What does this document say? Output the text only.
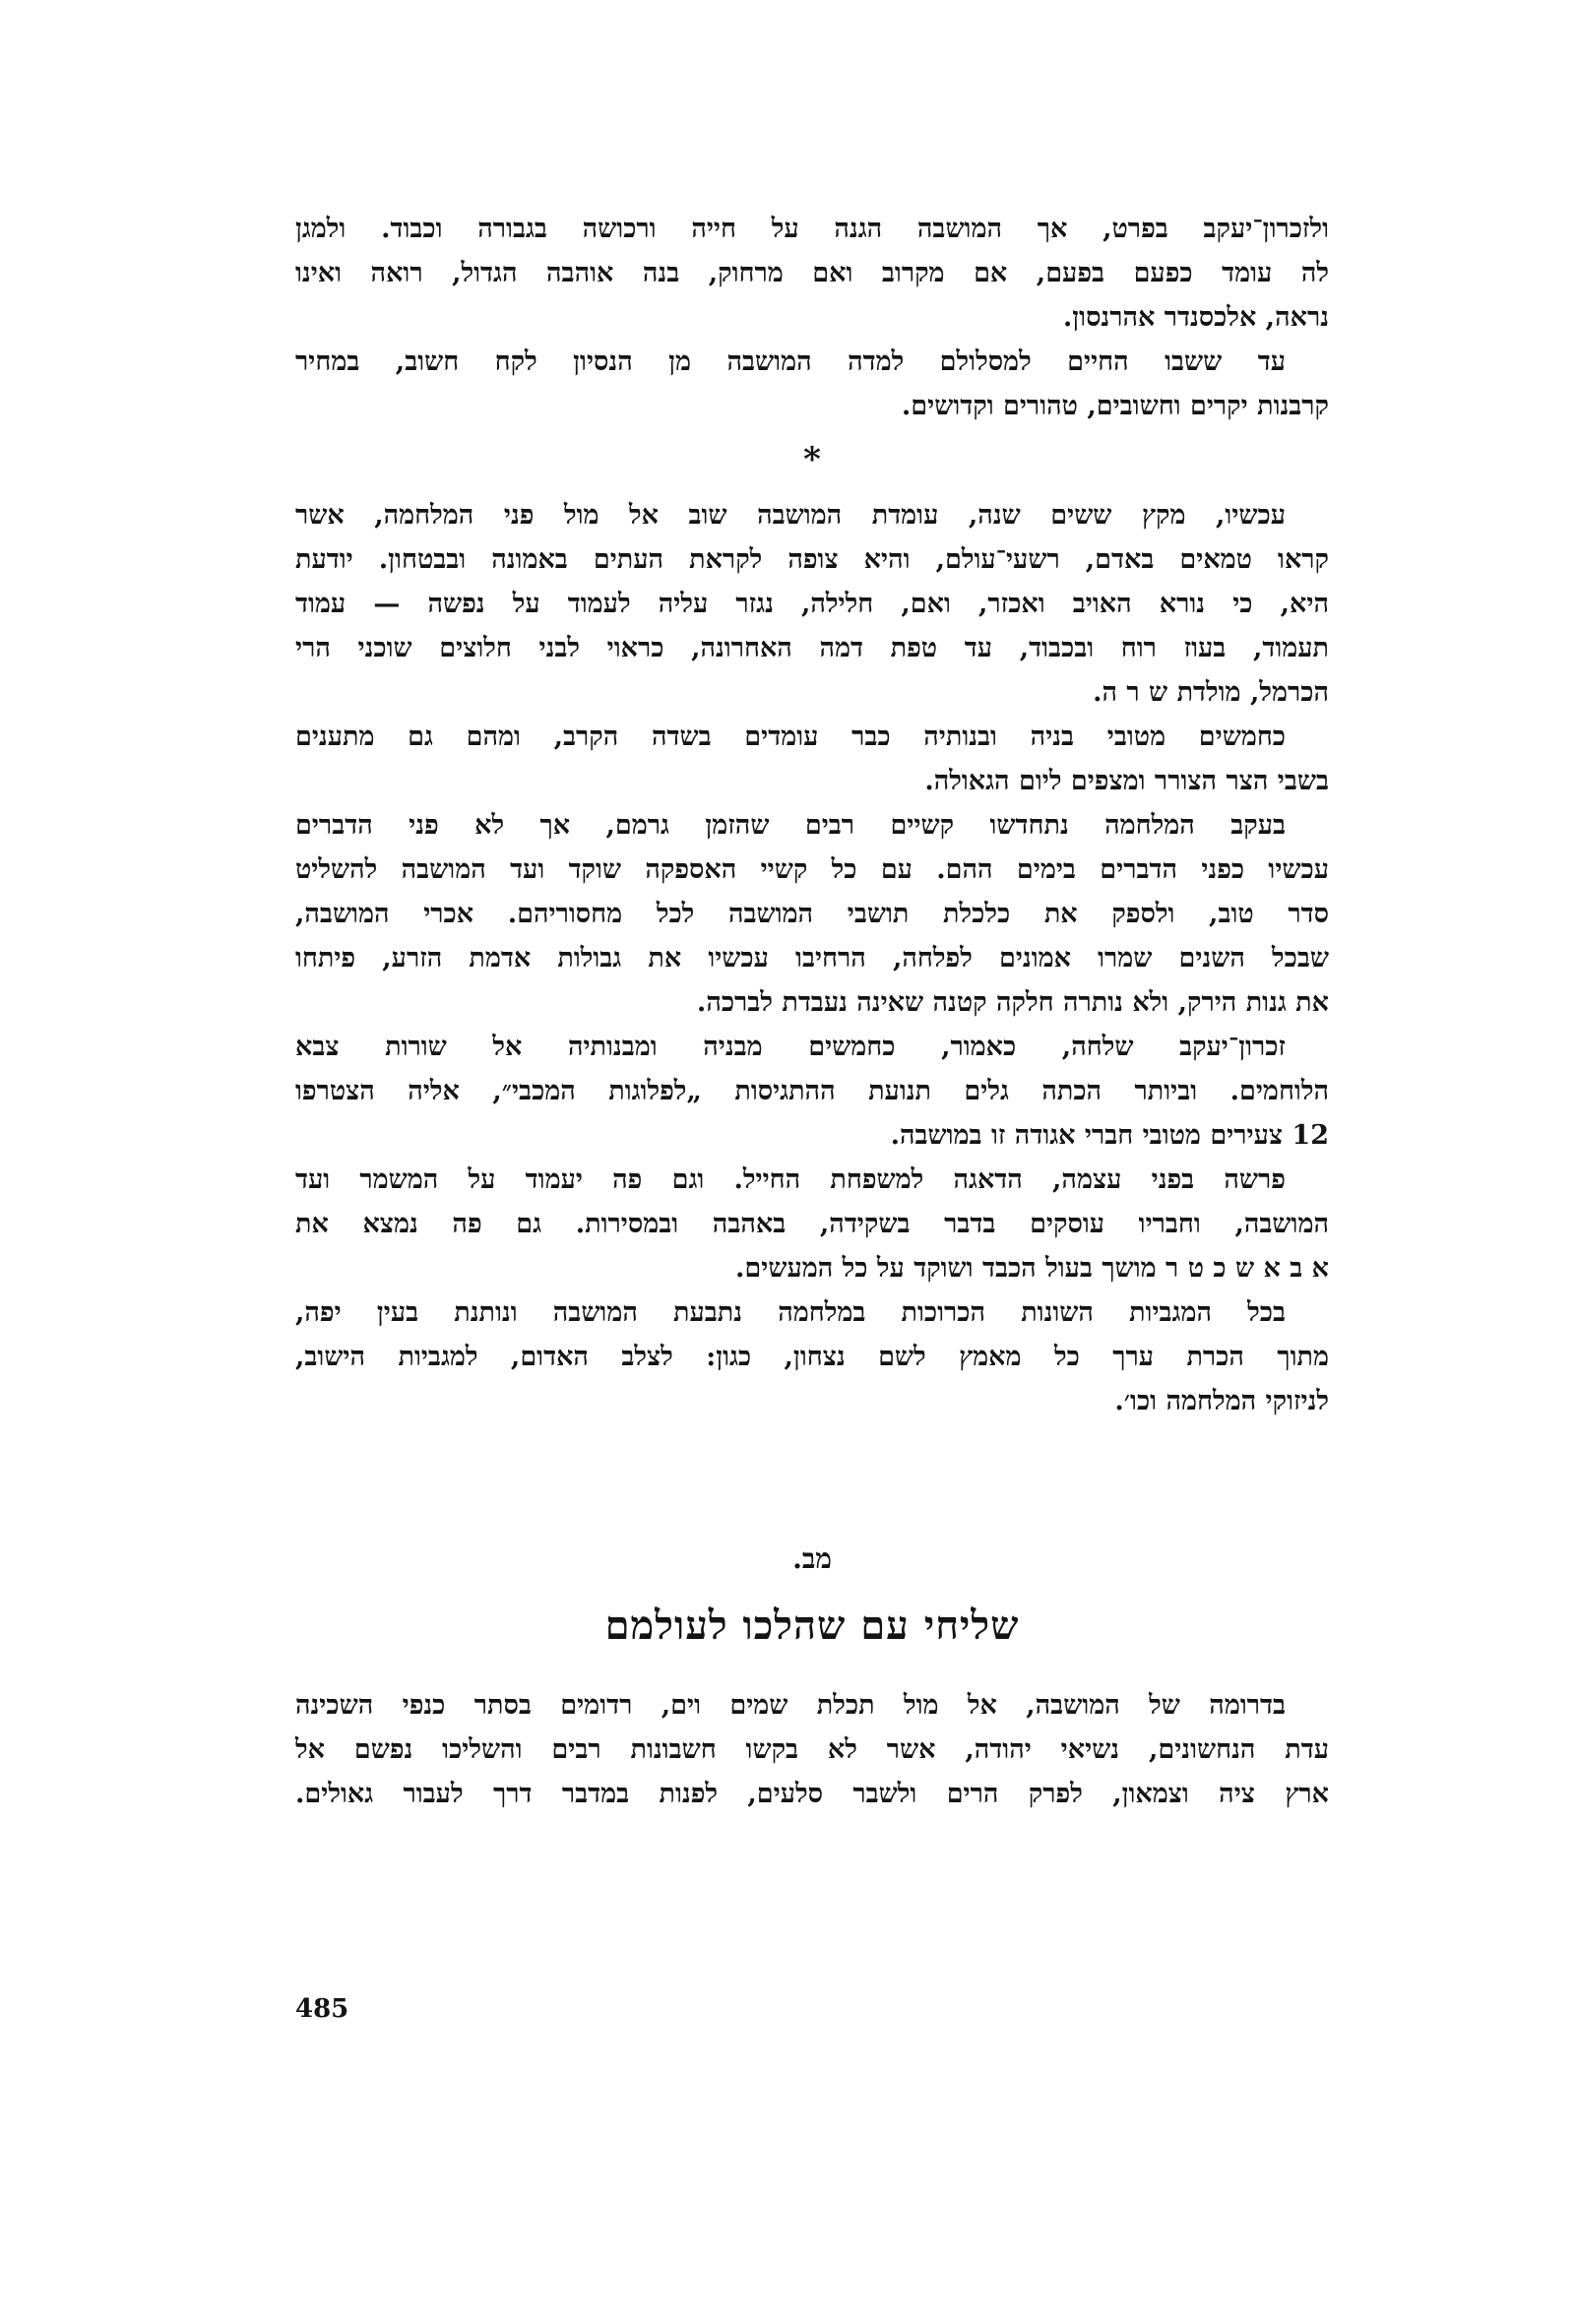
ולזכרון־יעקב בפרט, אך המושבה הגנה על חייה ורכושה בגבורה וכבוד. ולמגן
לה עומד כפעם בפעם, אם מקרוב ואם מרחוק, בנה אוהבה הגדול, רואה ואינו
נראה, אלכסנדר אהרנסון.
עד ששבו החיים למסלולם למדה המושבה מן הנסיון לקח חשוב, במחיר
קרבנות יקרים וחשובים, טהורים וקדושים.
*
עכשיו, מקץ ששים שנה, עומדת המושבה שוב אל מול פני המלחמה, אשר
קראו טמאים באדם, רשעי־עולם, והיא צופה לקראת העתים באמונה ובבטחון. יודעת
היא, כי נורא האויב ואכזר, ואם, חלילה, נגזר עליה לעמוד על נפשה — עמוד
תעמוד, בעוז רוח ובכבוד, עד טפת דמה האחרונה, כראוי לבני חלוצים שוכני הרי
הכרמל, מולדת ש ר ה.
כחמשים מטובי בניה ובנותיה כבר עומדים בשדה הקרב, ומהם גם מתענים
בשבי הצר הצורר ומצפים ליום הגאולה.
בעקב המלחמה נתחדשו קשיים רבים שהזמן גרמם, אך לא פני הדברים
עכשיו כפני הדברים בימים ההם. עם כל קשיי האספקה שוקד ועד המושבה להשליט
סדר טוב, ולספק את כלכלת תושבי המושבה לכל מחסוריהם. אכרי המושבה,
שבכל השנים שמרו אמונים לפלחה, הרחיבו עכשיו את גבולות אדמת הזרע, פיתחו
את גנות הירק, ולא נותרה חלקה קטנה שאינה נעבדת לברכה.
זכרון־יעקב שלחה, כאמור, כחמשים מבניה ומבנותיה אל שורות צבא
הלוחמים. וביותר הכתה גלים תנועת ההתגיסות „לפלוגות המכבי״, אליה הצטרפו
12 צעירים מטובי חברי אגודה זו במושבה.
פרשה בפני עצמה, הדאגה למשפחת החייל. וגם פה יעמוד על המשמר ועד
המושבה, וחבריו עוסקים בדבר בשקידה, באהבה ובמסירות. גם פה נמצא את
א ב א ש כ ט ר מושך בעול הכבד ושוקד על כל המעשים.
בכל המגביות השונות הכרוכות במלחמה נתבעת המושבה ונותנת בעין יפה,
מתוך הכרת ערך כל מאמץ לשם נצחון, כגון: לצלב האדום, למגביות הישוב,
לניזוקי המלחמה וכו׳.
מב.
שליחי עם שהלכו לעולמם
בדרומה של המושבה, אל מול תכלת שמים וים, רדומים בסתר כנפי השכינה
עדת הנחשונים, נשיאי יהודה, אשר לא בקשו חשבונות רבים והשליכו נפשם אל
ארץ ציה וצמאון, לפרק הרים ולשבר סלעים, לפנות במדבר דרך לעבור גאולים.
485
